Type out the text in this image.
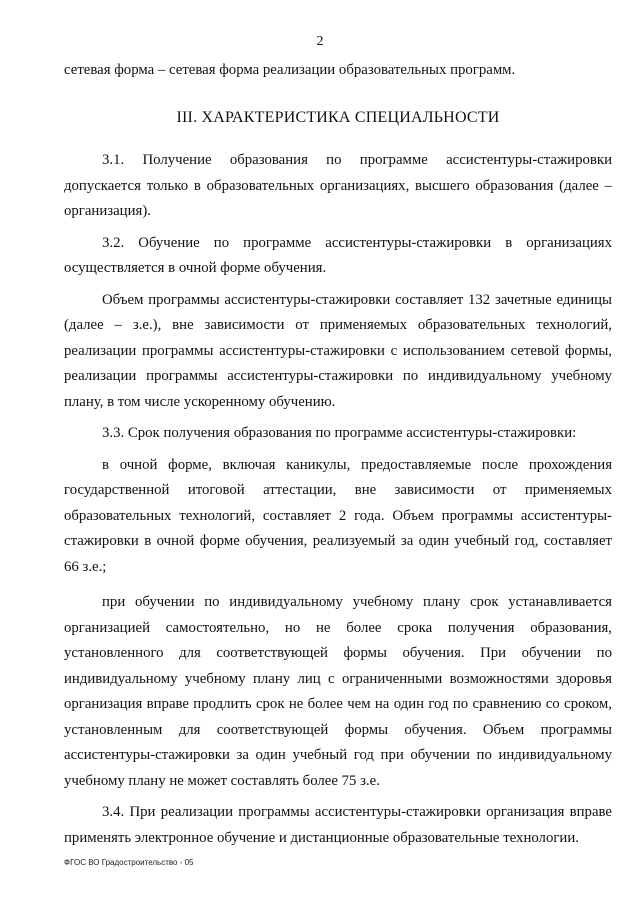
2

сетевая форма – сетевая форма реализации образовательных программ.

III. ХАРАКТЕРИСТИКА СПЕЦИАЛЬНОСТИ

3.1. Получение образования по программе ассистентуры-стажировки допускается только в образовательных организациях, высшего образования (далее – организация).

3.2. Обучение по программе ассистентуры-стажировки в организациях осуществляется в очной форме обучения.

Объем программы ассистентуры-стажировки составляет 132 зачетные единицы (далее – з.е.), вне зависимости от применяемых образовательных технологий, реализации программы ассистентуры-стажировки с использованием сетевой формы, реализации программы ассистентуры-стажировки по индивидуальному учебному плану, в том числе ускоренному обучению.

3.3. Срок получения образования по программе ассистентуры-стажировки:

в очной форме, включая каникулы, предоставляемые после прохождения государственной итоговой аттестации, вне зависимости от применяемых образовательных технологий, составляет 2 года. Объем программы ассистентуры-стажировки в очной форме обучения, реализуемый за один учебный год, составляет 66 з.е.;

при обучении по индивидуальному учебному плану срок устанавливается организацией самостоятельно, но не более срока получения образования, установленного для соответствующей формы обучения. При обучении по индивидуальному учебному плану лиц с ограниченными возможностями здоровья организация вправе продлить срок не более чем на один год по сравнению со сроком, установленным для соответствующей формы обучения. Объем программы ассистентуры-стажировки за один учебный год при обучении по индивидуальному учебному плану не может составлять более 75 з.е.

3.4. При реализации программы ассистентуры-стажировки организация вправе применять электронное обучение и дистанционные образовательные технологии.

ФГОС ВО Градостроительство - 05
